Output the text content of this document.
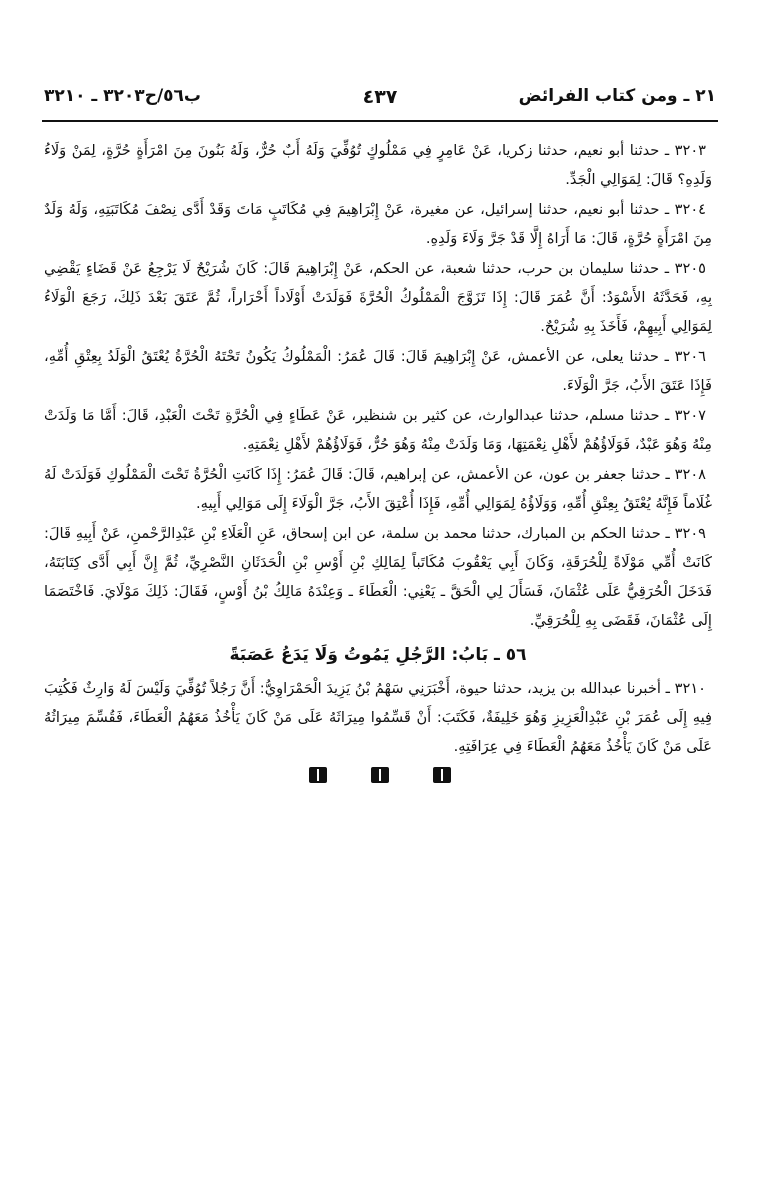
٢١ ـ ومن كتاب الفرائض
٤٣٧
ب٥٦/ح٣٢٠٣ ـ ٣٢١٠

٣٢٠٣ ـ حدثنا أبو نعيم، حدثنا زكريا، عَنْ عَامِرٍ فِي مَمْلُوكٍ تُوُفِّيَ وَلَهُ أَبٌ حُرٌّ، وَلَهُ بَنُونَ مِنَ امْرَأَةٍ حُرَّةٍ، لِمَنْ وَلَاءُ وَلَدِهِ؟ قَالَ: لِمَوَالِي الْجَدِّ.

٣٢٠٤ ـ حدثنا أبو نعيم، حدثنا إسرائيل، عن مغيرة، عَنْ إِبْرَاهِيمَ فِي مُكَاتَبٍ مَاتَ وَقَدْ أَدَّى نِصْفَ مُكَاتَبَتِهِ، وَلَهُ وَلَدٌ مِنَ امْرَأَةٍ حُرَّةٍ، قَالَ: مَا أَرَاهُ إِلَّا قَدْ جَرَّ وَلَاءَ وَلَدِهِ.

٣٢٠٥ ـ حدثنا سليمان بن حرب، حدثنا شعبة، عن الحكم، عَنْ إِبْرَاهِيمَ قَالَ: كَانَ شُرَيْحٌ لَا يَرْجِعُ عَنْ قَضَاءٍ يَقْضِي بِهِ، فَحَدَّثَهُ الأَسْوَدُ: أَنَّ عُمَرَ قَالَ: إِذَا تَزَوَّجَ الْمَمْلُوكُ الْحُرَّةَ فَوَلَدَتْ أَوْلَاداً أَحْرَاراً، ثُمَّ عَتَقَ بَعْدَ ذَلِكَ، رَجَعَ الْوَلَاءُ لِمَوَالِي أَبِيهِمْ، فَأَخَذَ بِهِ شُرَيْحٌ.

٣٢٠٦ ـ حدثنا يعلى، عن الأعمش، عَنْ إِبْرَاهِيمَ قَالَ: قَالَ عُمَرُ: الْمَمْلُوكُ يَكُونُ تَحْتَهُ الْحُرَّةُ يُعْتَقُ الْوَلَدُ بِعِتْقِ أُمِّهِ، فَإِذَا عَتَقَ الأَبُ، جَرَّ الْوَلَاءَ.

٣٢٠٧ ـ حدثنا مسلم، حدثنا عبدالوارث، عن كثير بن شنظير، عَنْ عَطَاءٍ فِي الْحُرَّةِ تَحْتَ الْعَبْدِ، قَالَ: أَمَّا مَا وَلَدَتْ مِنْهُ وَهُوَ عَبْدٌ، فَوَلَاؤُهُمْ لأَهْلِ نِعْمَتِهَا، وَمَا وَلَدَتْ مِنْهُ وَهُوَ حُرٌّ، فَوَلَاؤُهُمْ لأَهْلِ نِعْمَتِهِ.

٣٢٠٨ ـ حدثنا جعفر بن عون، عن الأعمش، عن إبراهيم، قَالَ: قَالَ عُمَرُ: إِذَا كَانَتِ الْحُرَّةُ تَحْتَ الْمَمْلُوكِ فَوَلَدَتْ لَهُ غُلَاماً فَإِنَّهُ يُعْتَقُ بِعِتْقِ أُمِّهِ، وَوَلَاؤُهُ لِمَوَالِي أُمِّهِ، فَإِذَا أُعْتِقَ الأَبُ، جَرَّ الْوَلَاءَ إِلَى مَوَالِي أَبِيهِ.

٣٢٠٩ ـ حدثنا الحكم بن المبارك، حدثنا محمد بن سلمة، عن ابن إسحاق، عَنِ الْعَلَاءِ بْنِ عَبْدِالرَّحْمنِ، عَنْ أَبِيهِ قَالَ: كَانَتْ أُمِّي مَوْلَاةً لِلْحُرَقَةِ، وَكَانَ أَبِي يَعْقُوبَ مُكَاتَباً لِمَالِكِ بْنِ أَوْسِ بْنِ الْحَدَثَانِ النَّصْرِيِّ، ثُمَّ إِنَّ أَبِي أَدَّى كِتَابَتَهُ، فَدَخَلَ الْحُرَقِيُّ عَلَى عُثْمَانَ، فَسَأَلَ لِي الْحَقَّ ـ يَعْنِي: الْعَطَاءَ ـ وَعِنْدَهُ مَالِكُ بْنُ أَوْسٍ، فَقَالَ: ذَلِكَ مَوْلَايَ. فَاخْتَصَمَا إِلَى عُثْمَانَ، فَقَضَى بِهِ لِلْحُرَقِيِّ.

٥٦ ـ بَابُ: الرَّجُلِ يَمُوتُ وَلَا يَدَعُ عَصَبَةً

٣٢١٠ ـ أخبرنا عبدالله بن يزيد، حدثنا حيوة، أَخْبَرَنِي سَهْمُ بْنُ يَزِيدَ الْحَمْرَاوِيُّ: أَنَّ رَجُلاً تُوُفِّيَ وَلَيْسَ لَهُ وَارِثٌ فَكُتِبَ فِيهِ إِلَى عُمَرَ بْنِ عَبْدِالْعَزِيزِ وَهُوَ خَلِيفَةٌ، فَكَتَبَ: أَنْ قَسِّمُوا مِيرَاثَهُ عَلَى مَنْ كَانَ يَأْخُذُ مَعَهُمُ الْعَطَاءَ، فَقُسِّمَ مِيرَاثُهُ عَلَى مَنْ كَانَ يَأْخُذُ مَعَهُمُ الْعَطَاءَ فِي عِرَافَتِهِ.
